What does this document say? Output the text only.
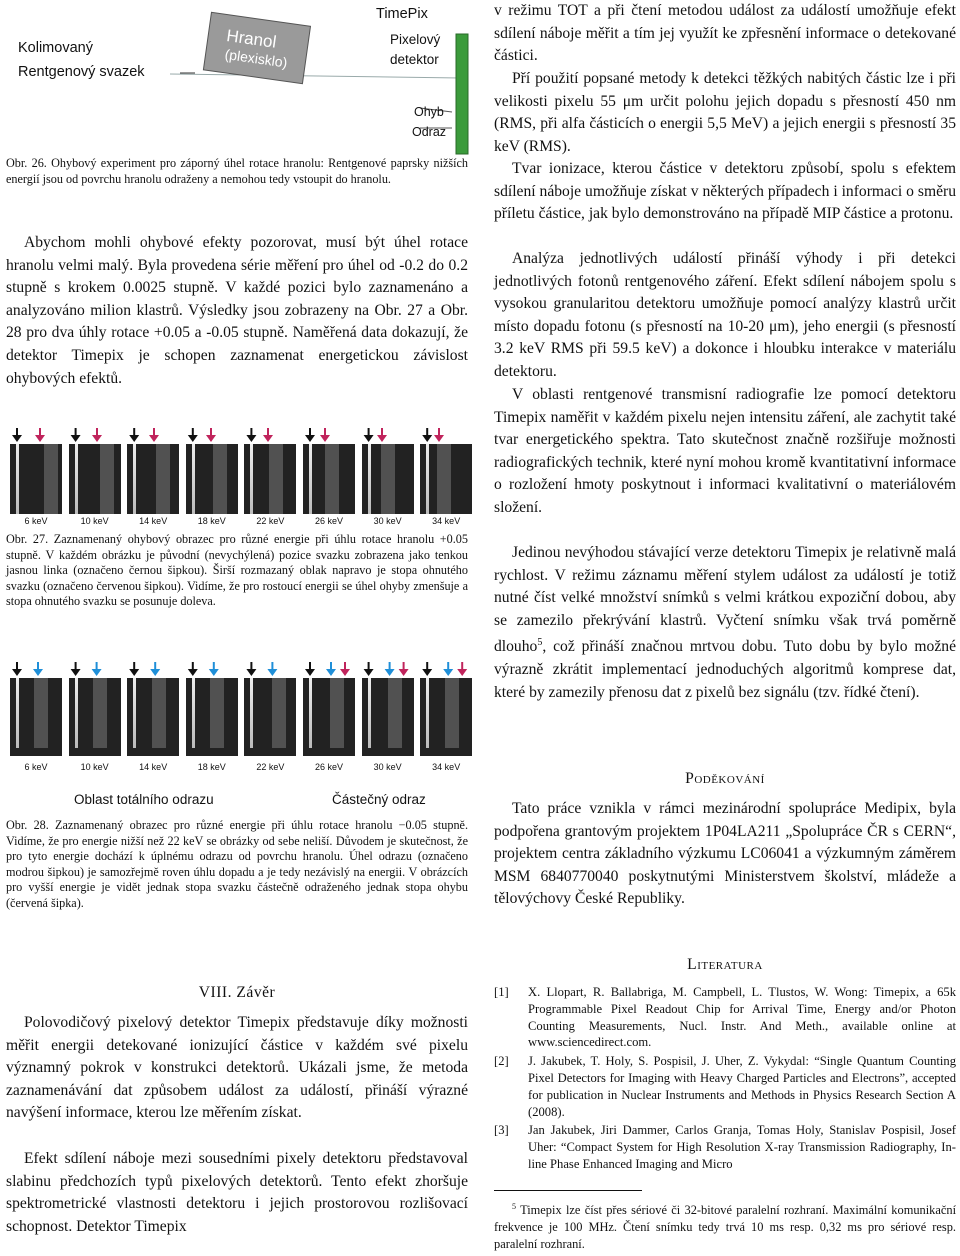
Kolimovaný
Rentgenový svazek
Hranol
(plexisklo)
TimePix
Pixelový
detektor
Ohyb
Odraz
Obr. 26. Ohybový experiment pro záporný úhel rotace hranolu: Rentgenové paprsky nižších energií jsou od povrchu hranolu odraženy a nemohou tedy vstoupit do hranolu.
Abychom mohli ohybové efekty pozorovat, musí být úhel rotace hranolu velmi malý. Byla provedena série měření pro úhel od -0.2 do 0.2 stupně s krokem 0.0025 stupně. V každé pozici bylo zaznamenáno a analyzováno milion klastrů. Výsledky jsou zobrazeny na Obr. 27 a Obr. 28 pro dva úhly rotace +0.05 a -0.05 stupně. Naměřená data dokazují, že detektor Timepix je schopen zaznamenat energetickou závislost ohybových efektů.
6 keV	10 keV	14 keV	18 keV	22 keV	26 keV	30 keV	34 keV
Obr. 27. Zaznamenaný ohybový obrazec pro různé energie při úhlu rotace hranolu +0.05 stupně. V každém obrázku je původní (nevychýlená) pozice svazku zobrazena jako tenkou jasnou linka (označeno černou šipkou). Širší rozmazaný oblak napravo je stopa ohnutého svazku (označeno červenou šipkou). Vidíme, že pro rostoucí energii se úhel ohyby zmenšuje a stopa ohnutého svazku se posunuje doleva.
6 keV	10 keV	14 keV	18 keV	22 keV	26 keV	30 keV	34 keV
Oblast totálního odrazu	Částečný odraz
Obr. 28. Zaznamenaný obrazec pro různé energie při úhlu rotace hranolu −0.05 stupně. Vidíme, že pro energie nižší než 22 keV se obrázky od sebe neliší. Důvodem je skutečnost, že pro tyto energie dochází k úplnému odrazu od povrchu hranolu. Úhel odrazu (označeno modrou šipkou) je samozřejmě roven úhlu dopadu a je tedy nezávislý na energii. V obrázcích pro vyšší energie je vidět jednak stopa svazku částečně odraženého jednak stopa ohybu (červená šipka).
VIII. Závěr
Polovodičový pixelový detektor Timepix představuje díky možnosti měřit energii detekované ionizující částice v každém své pixelu významný pokrok v konstrukci detektorů. Ukázali jsme, že metoda zaznamenávání dat způsobem událost za událostí, přináší výrazné navýšení informace, kterou lze měřením získat.
Efekt sdílení náboje mezi sousedními pixely detektoru představoval slabinu předchozích typů pixelových detektorů. Tento efekt zhoršuje spektrometrické vlastnosti detektoru i jejich prostorovou rozlišovací schopnost. Detektor Timepix
v režimu TOT a při čtení metodou událost za událostí umožňuje efekt sdílení náboje měřit a tím jej využít ke zpřesnění informace o detekované částici.
Pří použití popsané metody k detekci těžkých nabitých částic lze i při velikosti pixelu 55 μm určit polohu jejich dopadu s přesností 450 nm (RMS, při alfa částicích o energii 5,5 MeV) a jejich energii s přesností 35 keV (RMS).
Tvar ionizace, kterou částice v detektoru způsobí, spolu s efektem sdílení náboje umožňuje získat v některých případech i informaci o směru příletu částice, jak bylo demonstrováno na případě MIP částice a protonu.
Analýza jednotlivých událostí přináší výhody i při detekci jednotlivých fotonů rentgenového záření. Efekt sdílení nábojem spolu s vysokou granularitou detektoru umožňuje pomocí analýzy klastrů určit místo dopadu fotonu (s přesností na 10-20 μm), jeho energii (s přesností 3.2 keV RMS při 59.5 keV) a dokonce i hloubku interakce v materiálu detektoru.
V oblasti rentgenové transmisní radiografie lze pomocí detektoru Timepix naměřit v každém pixelu nejen intensitu záření, ale zachytit také tvar energetického spektra. Tato skutečnost značně rozšiřuje možnosti radiografických technik, které nyní mohou kromě kvantitativní informace o rozložení hmoty poskytnout i informaci kvalitativní o materiálovém složení.
Jedinou nevýhodou stávající verze detektoru Timepix je relativně malá rychlost. V režimu záznamu měření stylem událost za událostí je totiž nutné číst velké množství snímků s velmi krátkou expoziční dobou, aby se zamezilo překrývání klastrů. Vyčtení snímku však trvá poměrně dlouho$^5$, což přináší značnou mrtvou dobu. Tuto dobu by bylo možné výrazně zkrátit implementací jednoduchých algoritmů komprese dat, které by zamezily přenosu dat z pixelů bez signálu (tzv. řídké čtení).
Poděkování
Tato práce vznikla v rámci mezinárodní spolupráce Medipix, byla podpořena grantovým projektem 1P04LA211 „Spolupráce ČR s CERN“, projektem centra základního výzkumu LC06041 a výzkumným záměrem MSM 6840770040 poskytnutými Ministerstvem školství, mládeže a tělovýchovy České Republiky.
Literatura
[1]	X. Llopart, R. Ballabriga, M. Campbell, L. Tlustos, W. Wong: Timepix, a 65k Programmable Pixel Readout Chip for Arrival Time, Energy and/or Photon Counting Measurements, Nucl. Instr. And Meth., available online at www.sciencedirect.com.
[2]	J. Jakubek, T. Holy, S. Pospisil, J. Uher, Z. Vykydal: “Single Quantum Counting Pixel Detectors for Imaging with Heavy Charged Particles and Electrons”, accepted for publication in Nuclear Instruments and Methods in Physics Research Section A (2008).
[3]	Jan Jakubek, Jiri Dammer, Carlos Granja, Tomas Holy, Stanislav Pospisil, Josef Uher: “Compact System for High Resolution X-ray Transmission Radiography, In-line Phase Enhanced Imaging and Micro
$^5$ Timepix lze číst přes sériové či 32-bitové paralelní rozhraní. Maximální komunikační frekvence je 100 MHz. Čtení snímku tedy trvá 10 ms resp. 0,32 ms pro sériové resp. paralelní rozhraní.
